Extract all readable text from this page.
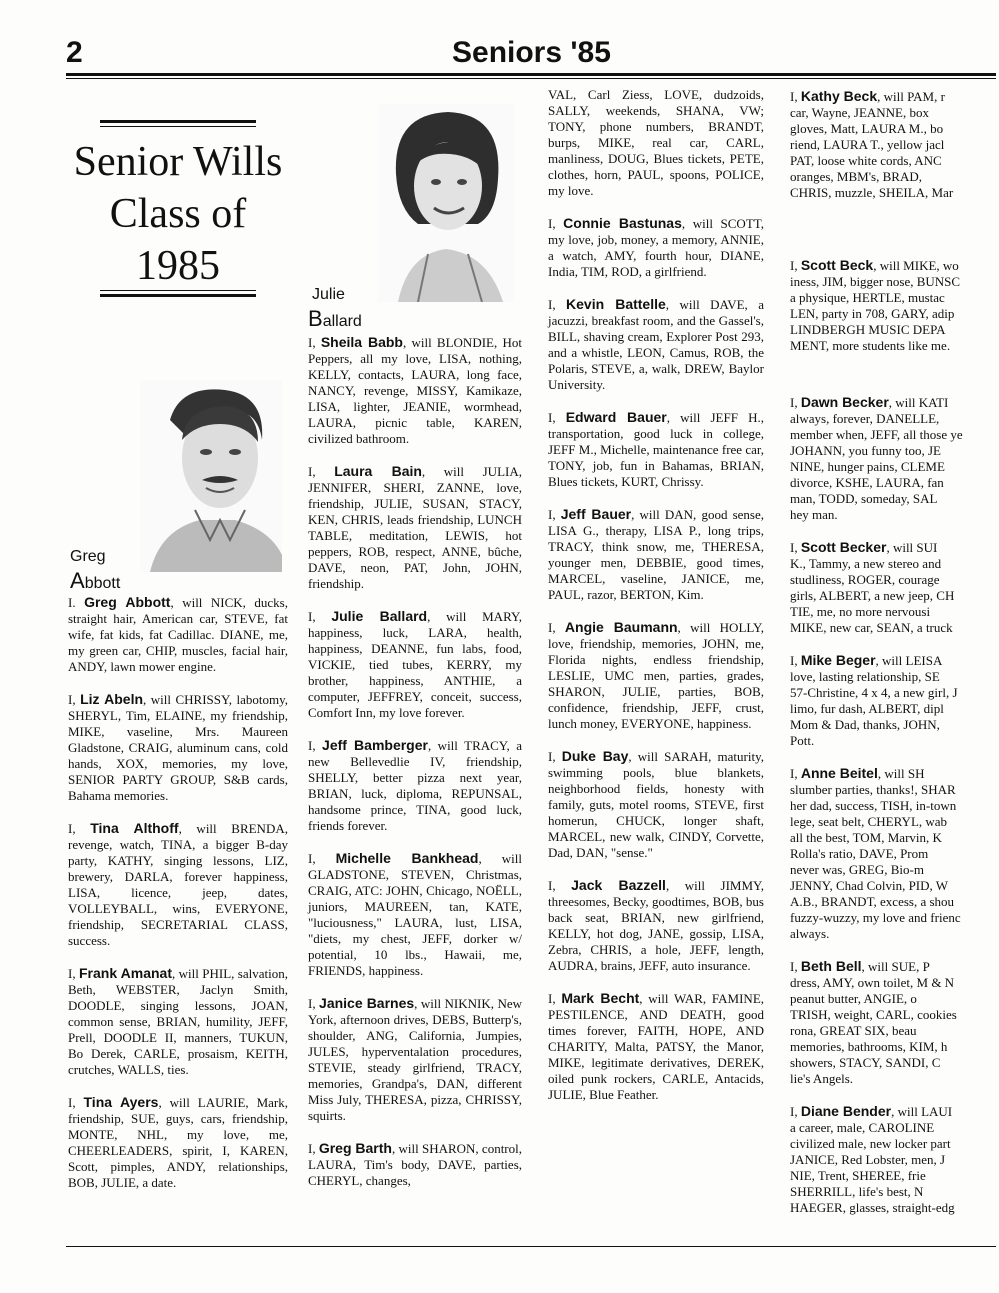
2	Seniors '85
Senior Wills
Class of
1985
Greg
Abbott
Julie
Ballard

I. Greg Abbott, will NICK, ducks, straight hair, American car, STEVE, fat wife, fat kids, fat Cadillac. DIANE, me, my green car, CHIP, muscles, facial hair, ANDY, lawn mower engine.

I, Liz Abeln, will CHRISSY, labotomy, SHERYL, Tim, ELAINE, my friendship, MIKE, vaseline, Mrs. Maureen Gladstone, CRAIG, aluminum cans, cold hands, XOX, memories, my love, SENIOR PARTY GROUP, S&B cards, Bahama memories.

I, Tina Althoff, will BRENDA, revenge, watch, TINA, a bigger B-day party, KATHY, singing lessons, LIZ, brewery, DARLA, forever happiness, LISA, licence, jeep, dates, VOLLEYBALL, wins, EVERYONE, friendship, SECRETARIAL CLASS, success.

I, Frank Amanat, will PHIL, salvation, Beth, WEBSTER, Jaclyn Smith, DOODLE, singing lessons, JOAN, common sense, BRIAN, humility, JEFF, Prell, DOODLE II, manners, TUKUN, Bo Derek, CARLE, prosaism, KEITH, crutches, WALLS, ties.

I, Tina Ayers, will LAURIE, Mark, friendship, SUE, guys, cars, friendship, MONTE, NHL, my love, me, CHEERLEADERS, spirit, I, KAREN, Scott, pimples, ANDY, relationships, BOB, JULIE, a date.

I, Sheila Babb, will BLONDIE, Hot Peppers, all my love, LISA, nothing, KELLY, contacts, LAURA, long face, NANCY, revenge, MISSY, Kamikaze, LISA, lighter, JEANIE, wormhead, LAURA, picnic table, KAREN, civilized bathroom.

I, Laura Bain, will JULIA, JENNIFER, SHERI, ZANNE, love, friendship, JULIE, SUSAN, STACY, KEN, CHRIS, leads friendship, LUNCH TABLE, meditation, LEWIS, hot peppers, ROB, respect, ANNE, bûche, DAVE, neon, PAT, John, JOHN, friendship.

I, Julie Ballard, will MARY, happiness, luck, LARA, health, happiness, DEANNE, fun labs, food, VICKIE, tied tubes, KERRY, my brother, happiness, ANTHIE, a computer, JEFFREY, conceit, success, Comfort Inn, my love forever.

I, Jeff Bamberger, will TRACY, a new Bellevedlie IV, friendship, SHELLY, better pizza next year, BRIAN, luck, diploma, REPUNSAL, handsome prince, TINA, good luck, friends forever.

I, Michelle Bankhead, will GLADSTONE, STEVEN, Christmas, CRAIG, ATC: JOHN, Chicago, NOËLL, juniors, MAUREEN, tan, KATE, "luciousness," LAURA, lust, LISA, "diets, my chest, JEFF, dorker w/ potential, 10 lbs., Hawaii, me, FRIENDS, happiness.

I, Janice Barnes, will NIKNIK, New York, afternoon drives, DEBS, Butterp's, shoulder, ANG, California, Jumpies, JULES, hyperventalation procedures, STEVIE, steady girlfriend, TRACY, memories, Grandpa's, DAN, different Miss July, THERESA, pizza, CHRISSY, squirts.

I, Greg Barth, will SHARON, control, LAURA, Tim's body, DAVE, parties, CHERYL, changes,

VAL, Carl Ziess, LOVE, dudzoids, SALLY, weekends, SHANA, VW; TONY, phone numbers, BRANDT, burps, MIKE, real car, CARL, manliness, DOUG, Blues tickets, PETE, clothes, horn, PAUL, spoons, POLICE, my love.

I, Connie Bastunas, will SCOTT, my love, job, money, a memory, ANNIE, a watch, AMY, fourth hour, DIANE, India, TIM, ROD, a girlfriend.

I, Kevin Battelle, will DAVE, a jacuzzi, breakfast room, and the Gassel's, BILL, shaving cream, Explorer Post 293, and a whistle, LEON, Camus, ROB, the Polaris, STEVE, a, walk, DREW, Baylor University.

I, Edward Bauer, will JEFF H., transportation, good luck in college, JEFF M., Michelle, maintenance free car, TONY, job, fun in Bahamas, BRIAN, Blues tickets, KURT, Chrissy.

I, Jeff Bauer, will DAN, good sense, LISA G., therapy, LISA P., long trips, TRACY, think snow, me, THERESA, younger men, DEBBIE, good times, MARCEL, vaseline, JANICE, me, PAUL, razor, BERTON, Kim.

I, Angie Baumann, will HOLLY, love, friendship, memories, JOHN, me, Florida nights, endless friendship, LESLIE, UMC men, parties, grades, SHARON, JULIE, parties, BOB, confidence, friendship, JEFF, crust, lunch money, EVERYONE, happiness.

I, Duke Bay, will SARAH, maturity, swimming pools, blue blankets, neighborhood fields, honesty with family, guts, motel rooms, STEVE, first homerun, CHUCK, longer shaft, MARCEL, new walk, CINDY, Corvette, Dad, DAN, "sense."

I, Jack Bazzell, will JIMMY, threesomes, Becky, goodtimes, BOB, bus back seat, BRIAN, new girlfriend, KELLY, hot dog, JANE, gossip, LISA, Zebra, CHRIS, a hole, JEFF, length, AUDRA, brains, JEFF, auto insurance.

I, Mark Becht, will WAR, FAMINE, PESTILENCE, AND DEATH, good times forever, FAITH, HOPE, AND CHARITY, Malta, PATSY, the Manor, MIKE, legitimate derivatives, DEREK, oiled punk rockers, CARLE, Antacids, JULIE, Blue Feather.

I, Kathy Beck, will PAM, r
car, Wayne, JEANNE, box
gloves, Matt, LAURA M., bo
riend, LAURA T., yellow jacl
PAT, loose white cords, ANC
oranges, MBM's, BRAD,
CHRIS, muzzle, SHEILA, Mar

I, Scott Beck, will MIKE, wo
iness, JIM, bigger nose, BUNSC
a physique, HERTLE, mustac
LEN, party in 708, GARY, adip
LINDBERGH MUSIC DEPA
MENT, more students like me.

I, Dawn Becker, will KATI
always, forever, DANELLE,
member when, JEFF, all those ye
JOHANN, you funny too, JE
NINE, hunger pains, CLEME
divorce, KSHE, LAURA, fan
man, TODD, someday, SAL
hey man.

I, Scott Becker, will SUI
K., Tammy, a new stereo and
studliness, ROGER, courage
girls, ALBERT, a new jeep, CH
TIE, me, no more nervousi
MIKE, new car, SEAN, a truck

I, Mike Beger, will LEISA
love, lasting relationship, SE
57-Christine, 4 x 4, a new girl, J
limo, fur dash, ALBERT, dipl
Mom & Dad, thanks, JOHN,
Pott.

I, Anne Beitel, will SH
slumber parties, thanks!, SHAR
her dad, success, TISH, in-town
lege, seat belt, CHERYL, wab
all the best, TOM, Marvin, K
Rolla's ratio, DAVE, Prom
never was, GREG, Bio-m
JENNY, Chad Colvin, PID, W
A.B., BRANDT, excess, a shou
fuzzy-wuzzy, my love and frienc
always.

I, Beth Bell, will SUE, P
dress, AMY, own toilet, M & N
peanut butter, ANGIE, o
TRISH, weight, CARL, cookies
rona, GREAT SIX, beau
memories, bathrooms, KIM, h
showers, STACY, SANDI, C
lie's Angels.

I, Diane Bender, will LAUI
a career, male, CAROLINE
civilized male, new locker part
JANICE, Red Lobster, men, J
NIE, Trent, SHEREE, frie
SHERRILL, life's best, N
HAEGER, glasses, straight-edg
